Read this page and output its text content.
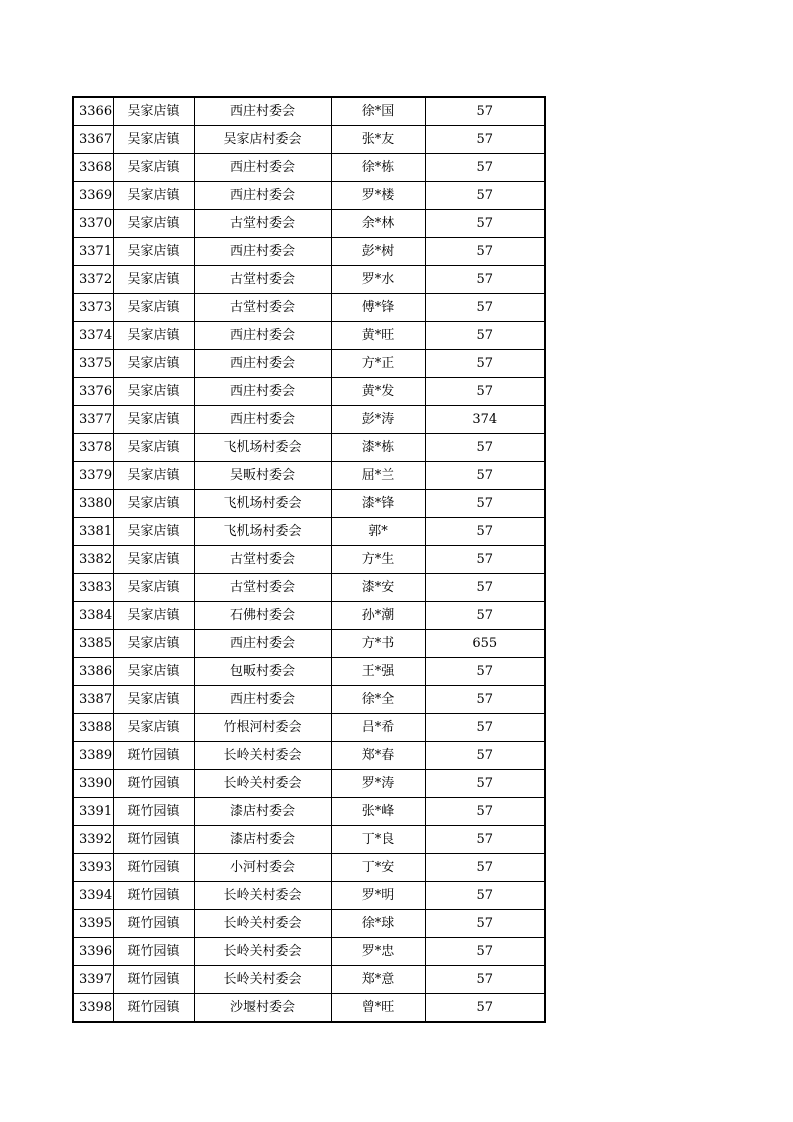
3366	吴家店镇	西庄村委会	徐*国	57
3367	吴家店镇	吴家店村委会	张*友	57
3368	吴家店镇	西庄村委会	徐*栋	57
3369	吴家店镇	西庄村委会	罗*楼	57
3370	吴家店镇	古堂村委会	余*林	57
3371	吴家店镇	西庄村委会	彭*树	57
3372	吴家店镇	古堂村委会	罗*水	57
3373	吴家店镇	古堂村委会	傅*锋	57
3374	吴家店镇	西庄村委会	黄*旺	57
3375	吴家店镇	西庄村委会	方*正	57
3376	吴家店镇	西庄村委会	黄*发	57
3377	吴家店镇	西庄村委会	彭*涛	374
3378	吴家店镇	飞机场村委会	漆*栋	57
3379	吴家店镇	吴畈村委会	屈*兰	57
3380	吴家店镇	飞机场村委会	漆*锋	57
3381	吴家店镇	飞机场村委会	郭*	57
3382	吴家店镇	古堂村委会	方*生	57
3383	吴家店镇	古堂村委会	漆*安	57
3384	吴家店镇	石佛村委会	孙*潮	57
3385	吴家店镇	西庄村委会	方*书	655
3386	吴家店镇	包畈村委会	王*强	57
3387	吴家店镇	西庄村委会	徐*全	57
3388	吴家店镇	竹根河村委会	吕*希	57
3389	斑竹园镇	长岭关村委会	郑*春	57
3390	斑竹园镇	长岭关村委会	罗*涛	57
3391	斑竹园镇	漆店村委会	张*峰	57
3392	斑竹园镇	漆店村委会	丁*良	57
3393	斑竹园镇	小河村委会	丁*安	57
3394	斑竹园镇	长岭关村委会	罗*明	57
3395	斑竹园镇	长岭关村委会	徐*球	57
3396	斑竹园镇	长岭关村委会	罗*忠	57
3397	斑竹园镇	长岭关村委会	郑*意	57
3398	斑竹园镇	沙堰村委会	曾*旺	57
